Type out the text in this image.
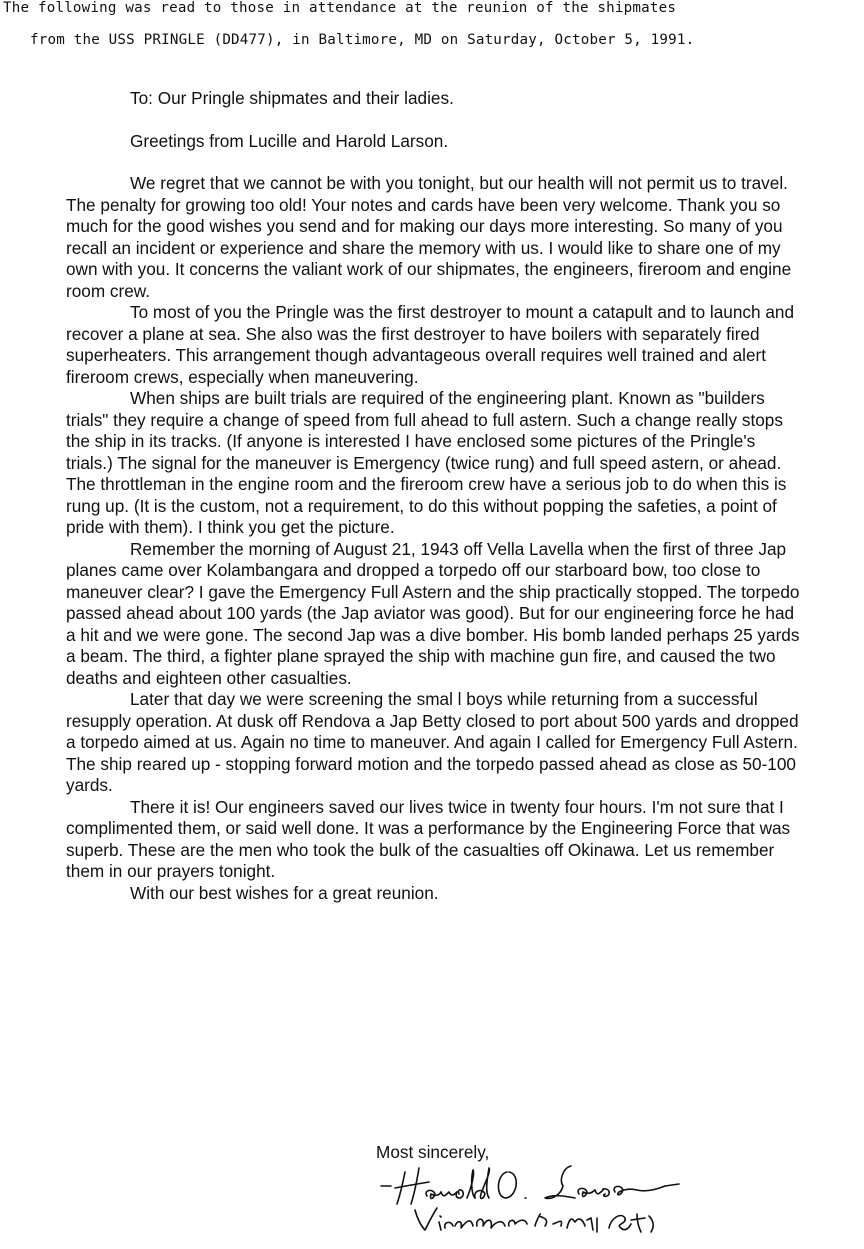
The following was read to those in attendance at the reunion of the shipmates
from the USS PRINGLE (DD477), in Baltimore, MD on Saturday, October 5, 1991.

To: Our Pringle shipmates and their ladies.

Greetings from Lucille and Harold Larson.

We regret that we cannot be with you tonight, but our health will not permit us to travel. The penalty for growing too old! Your notes and cards have been very welcome. Thank you so much for the good wishes you send and for making our days more interesting. So many of you recall an incident or experience and share the memory with us. I would like to share one of my own with you. It concerns the valiant work of our shipmates, the engineers, fireroom and engine room crew.

To most of you the Pringle was the first destroyer to mount a catapult and to launch and recover a plane at sea. She also was the first destroyer to have boilers with separately fired superheaters. This arrangement though advantageous overall requires well trained and alert fireroom crews, especially when maneuvering.

When ships are built trials are required of the engineering plant. Known as "builders trials" they require a change of speed from full ahead to full astern. Such a change really stops the ship in its tracks. (If anyone is interested I have enclosed some pictures of the Pringle's trials.) The signal for the maneuver is Emergency (twice rung) and full speed astern, or ahead. The throttleman in the engine room and the fireroom crew have a serious job to do when this is rung up. (It is the custom, not a requirement, to do this without popping the safeties, a point of pride with them). I think you get the picture.

Remember the morning of August 21, 1943 off Vella Lavella when the first of three Jap planes came over Kolambangara and dropped a torpedo off our starboard bow, too close to maneuver clear? I gave the Emergency Full Astern and the ship practically stopped. The torpedo passed ahead about 100 yards (the Jap aviator was good). But for our engineering force he had a hit and we were gone. The second Jap was a dive bomber. His bomb landed perhaps 25 yards a beam. The third, a fighter plane sprayed the ship with machine gun fire, and caused the two deaths and eighteen other casualties.

Later that day we were screening the smal l boys while returning from a successful resupply operation. At dusk off Rendova a Jap Betty closed to port about 500 yards and dropped a torpedo aimed at us. Again no time to maneuver. And again I called for Emergency Full Astern. The ship reared up - stopping forward motion and the torpedo passed ahead as close as 50-100 yards.

There it is! Our engineers saved our lives twice in twenty four hours. I'm not sure that I complimented them, or said well done. It was a performance by the Engineering Force that was superb. These are the men who took the bulk of the casualties off Okinawa. Let us remember them in our prayers tonight.

With our best wishes for a great reunion.

Most sincerely,
